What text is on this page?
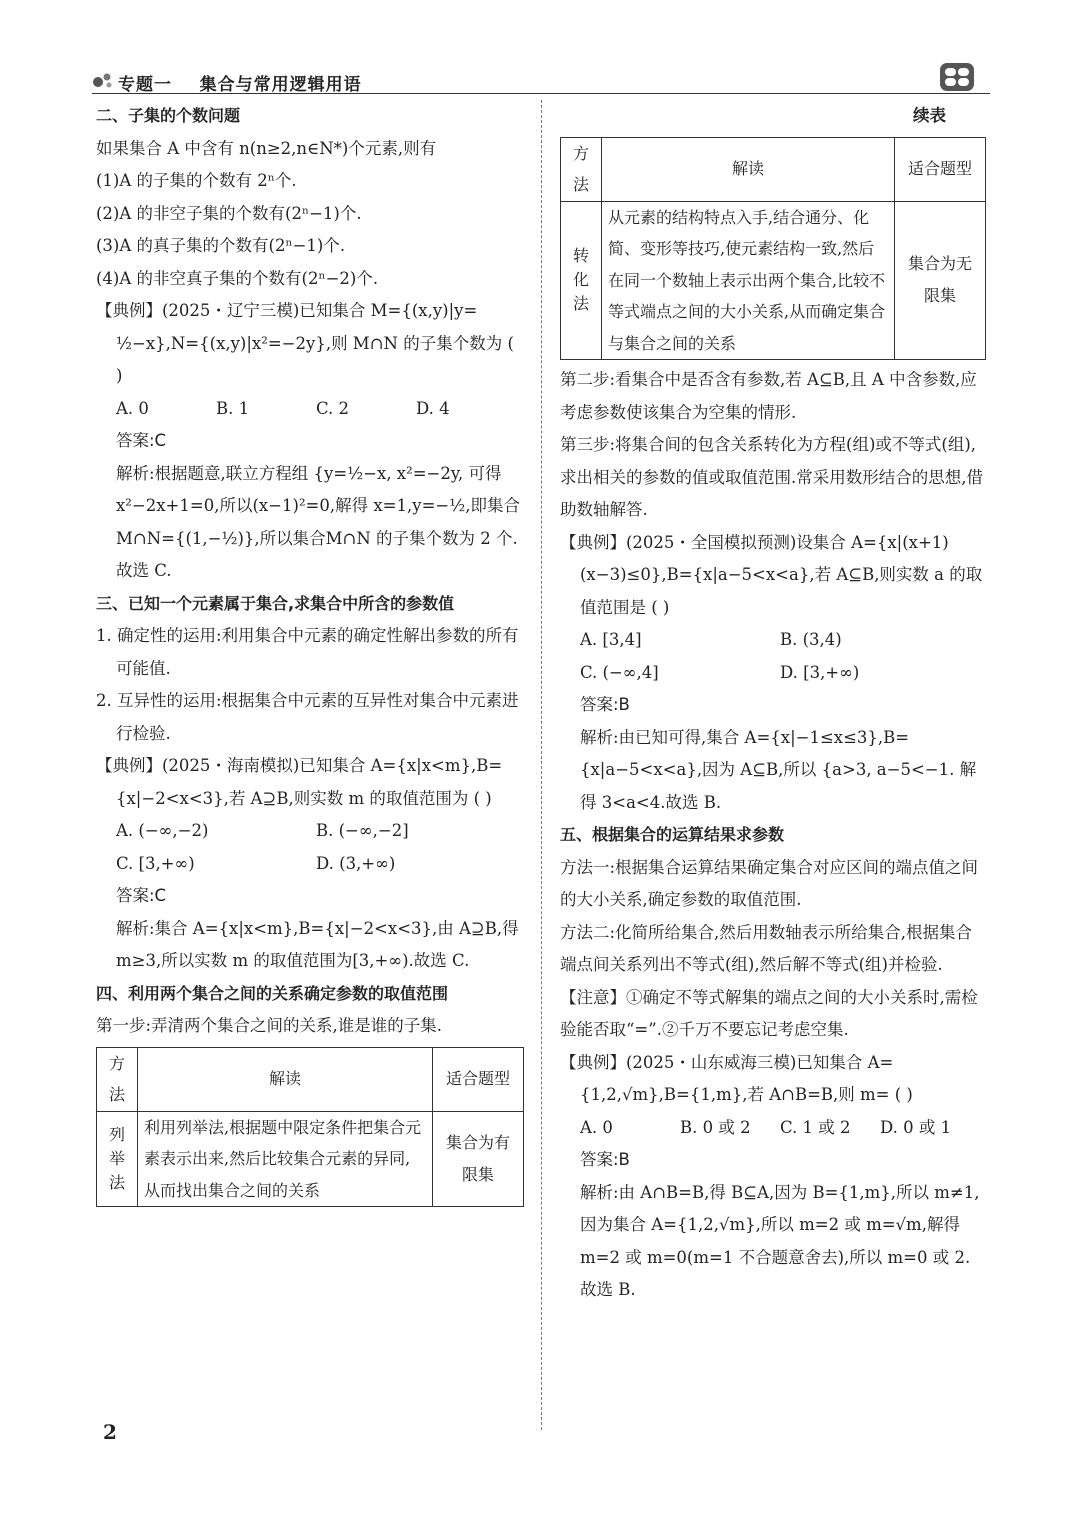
专题一    集合与常用逻辑用语

二、子集的个数问题

如果集合 A 中含有 n(n≥2,n∈N*)个元素,则有

(1)A 的子集的个数有 2ⁿ个.

(2)A 的非空子集的个数有(2ⁿ−1)个.

(3)A 的真子集的个数有(2ⁿ−1)个.

(4)A 的非空真子集的个数有(2ⁿ−2)个.

【典例】(2025・辽宁三模)已知集合 M={(x,y)|y= ½−x},N={(x,y)|x²=−2y},则 M∩N 的子集个数为 ( )

A. 0	B. 1	C. 2	D. 4

答案:C

解析:根据题意,联立方程组 {y=½−x, x²=−2y, 可得 x²−2x+1=0,所以(x−1)²=0,解得 x=1,y=−½,即集合 M∩N={(1,−½)},所以集合M∩N 的子集个数为 2 个.故选 C.

三、已知一个元素属于集合,求集合中所含的参数值

1. 确定性的运用:利用集合中元素的确定性解出参数的所有可能值.

2. 互异性的运用:根据集合中元素的互异性对集合中元素进行检验.

【典例】(2025・海南模拟)已知集合 A={x|x<m},B={x|−2<x<3},若 A⊇B,则实数 m 的取值范围为 ( )

A. (−∞,−2)	B. (−∞,−2]
C. [3,+∞)	D. (3,+∞)

答案:C

解析:集合 A={x|x<m},B={x|−2<x<3},由 A⊇B,得 m≥3,所以实数 m 的取值范围为[3,+∞).故选 C.

四、利用两个集合之间的关系确定参数的取值范围

第一步:弄清两个集合之间的关系,谁是谁的子集.

方法	解读	适合题型
列举法	利用列举法,根据题中限定条件把集合元素表示出来,然后比较集合元素的异同,从而找出集合之间的关系	集合为有限集

续表

方法	解读	适合题型
转化法	从元素的结构特点入手,结合通分、化简、变形等技巧,使元素结构一致,然后在同一个数轴上表示出两个集合,比较不等式端点之间的大小关系,从而确定集合与集合之间的关系	集合为无限集

第二步:看集合中是否含有参数,若 A⊆B,且 A 中含参数,应考虑参数使该集合为空集的情形.

第三步:将集合间的包含关系转化为方程(组)或不等式(组),求出相关的参数的值或取值范围.常采用数形结合的思想,借助数轴解答.

【典例】(2025・全国模拟预测)设集合 A={x|(x+1)(x−3)≤0},B={x|a−5<x<a},若 A⊆B,则实数 a 的取值范围是 ( )

A. [3,4]	B. (3,4)
C. (−∞,4]	D. [3,+∞)

答案:B

解析:由已知可得,集合 A={x|−1≤x≤3},B={x|a−5<x<a},因为 A⊆B,所以 {a>3, a−5<−1. 解得 3<a<4.故选 B.

五、根据集合的运算结果求参数

方法一:根据集合运算结果确定集合对应区间的端点值之间的大小关系,确定参数的取值范围.

方法二:化简所给集合,然后用数轴表示所给集合,根据集合端点间关系列出不等式(组),然后解不等式(组)并检验.

【注意】①确定不等式解集的端点之间的大小关系时,需检验能否取“=”.②千万不要忘记考虑空集.

【典例】(2025・山东威海三模)已知集合 A={1,2,√m},B={1,m},若 A∩B=B,则 m= ( )

A. 0	B. 0 或 2	C. 1 或 2	D. 0 或 1

答案:B

解析:由 A∩B=B,得 B⊆A,因为 B={1,m},所以 m≠1,因为集合 A={1,2,√m},所以 m=2 或 m=√m,解得 m=2 或 m=0(m=1 不合题意舍去),所以 m=0 或 2.故选 B.

2
